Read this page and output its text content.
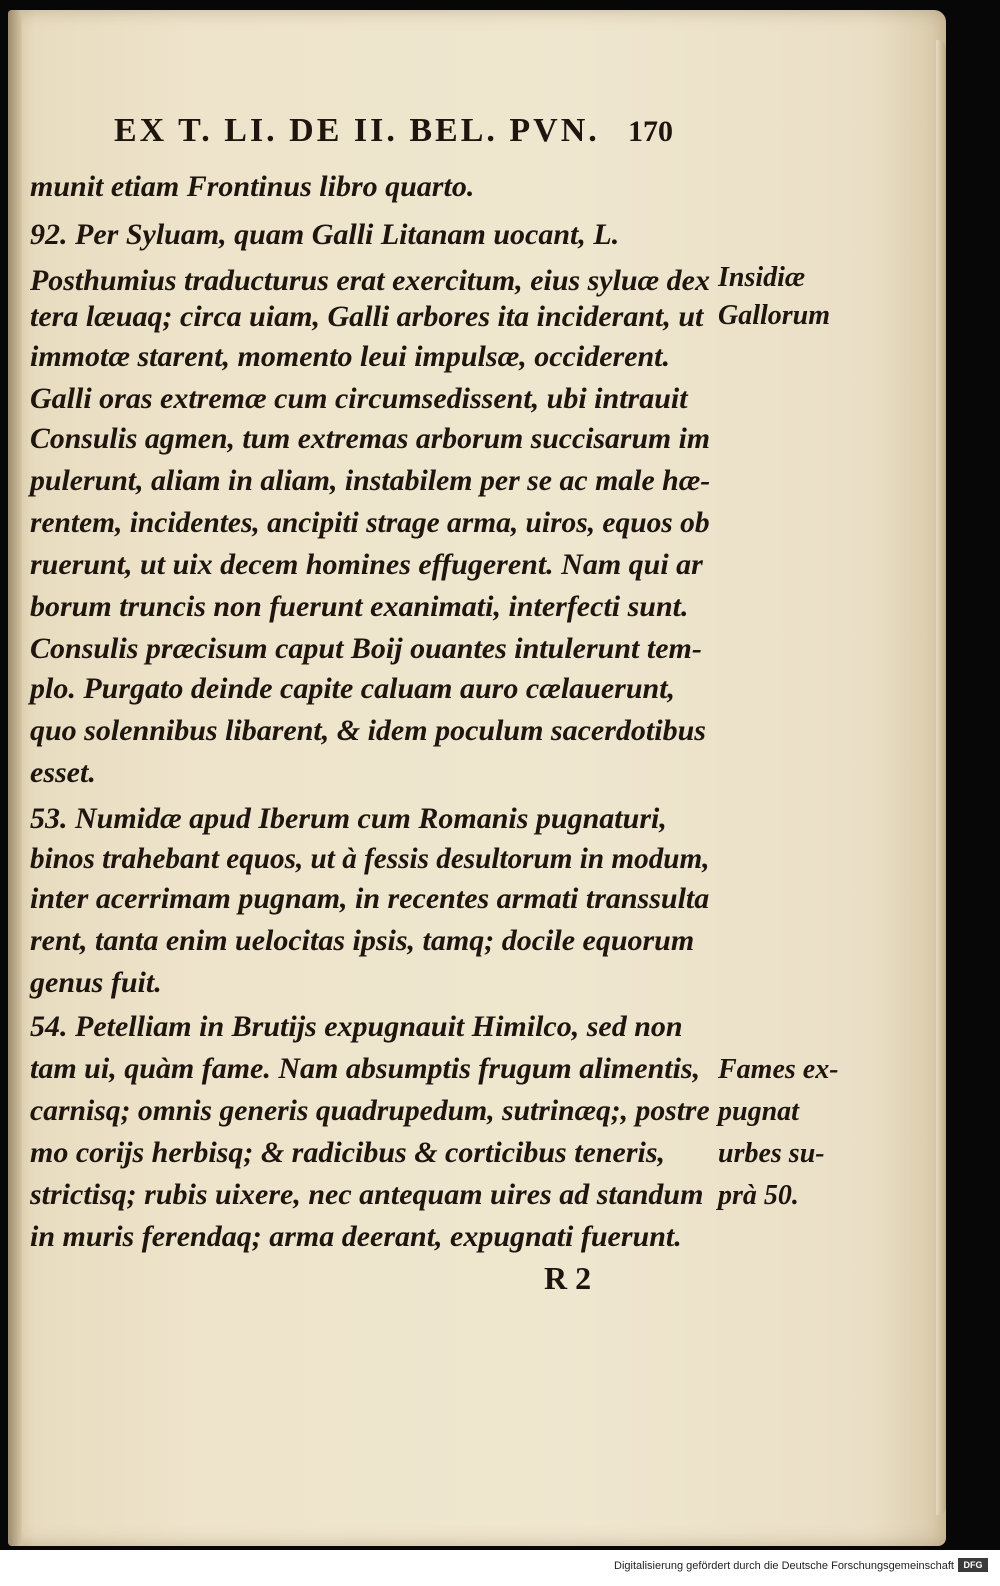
EX T. LI. DE II. BEL. PVN. 170
munit etiam Frontinus libro quarto.
92. Per Syluam, quam Galli Litanam uocant, L.
Posthumius traducturus erat exercitum, eius syluæ dex
tera læuaq; circa uiam, Galli arbores ita inciderant, ut
immotæ starent, momento leui impulsæ, occiderent.
Galli oras extremæ cum circumsedissent, ubi intrauit
Consulis agmen, tum extremas arborum succisarum im
pulerunt, aliam in aliam, instabilem per se ac male hæ-
rentem, incidentes, ancipiti strage arma, uiros, equos ob
ruerunt, ut uix decem homines effugerent. Nam qui ar
borum truncis non fuerunt exanimati, interfecti sunt.
Consulis præcisum caput Boij ouantes intulerunt tem-
plo. Purgato deinde capite caluam auro cælauerunt,
quo solennibus libarent, & idem poculum sacerdotibus
esset.
53. Numidæ apud Iberum cum Romanis pugnaturi,
binos trahebant equos, ut à fessis desultorum in modum,
inter acerrimam pugnam, in recentes armati transsulta
rent, tanta enim uelocitas ipsis, tamq; docile equorum
genus fuit.
54. Petelliam in Brutijs expugnauit Himilco, sed non
tam ui, quàm fame. Nam absumptis frugum alimentis,
carnisq; omnis generis quadrupedum, sutrinæq;, postre
mo corijs herbisq; & radicibus & corticibus teneris,
strictisq; rubis uixere, nec antequam uires ad standum
in muris ferendaq; arma deerant, expugnati fuerunt.
Insidiæ
Gallorum
Fames ex-
pugnat
urbes su-
prà 50.
R 2
Digitalisierung gefördert durch die Deutsche Forschungsgemeinschaft	DFG
